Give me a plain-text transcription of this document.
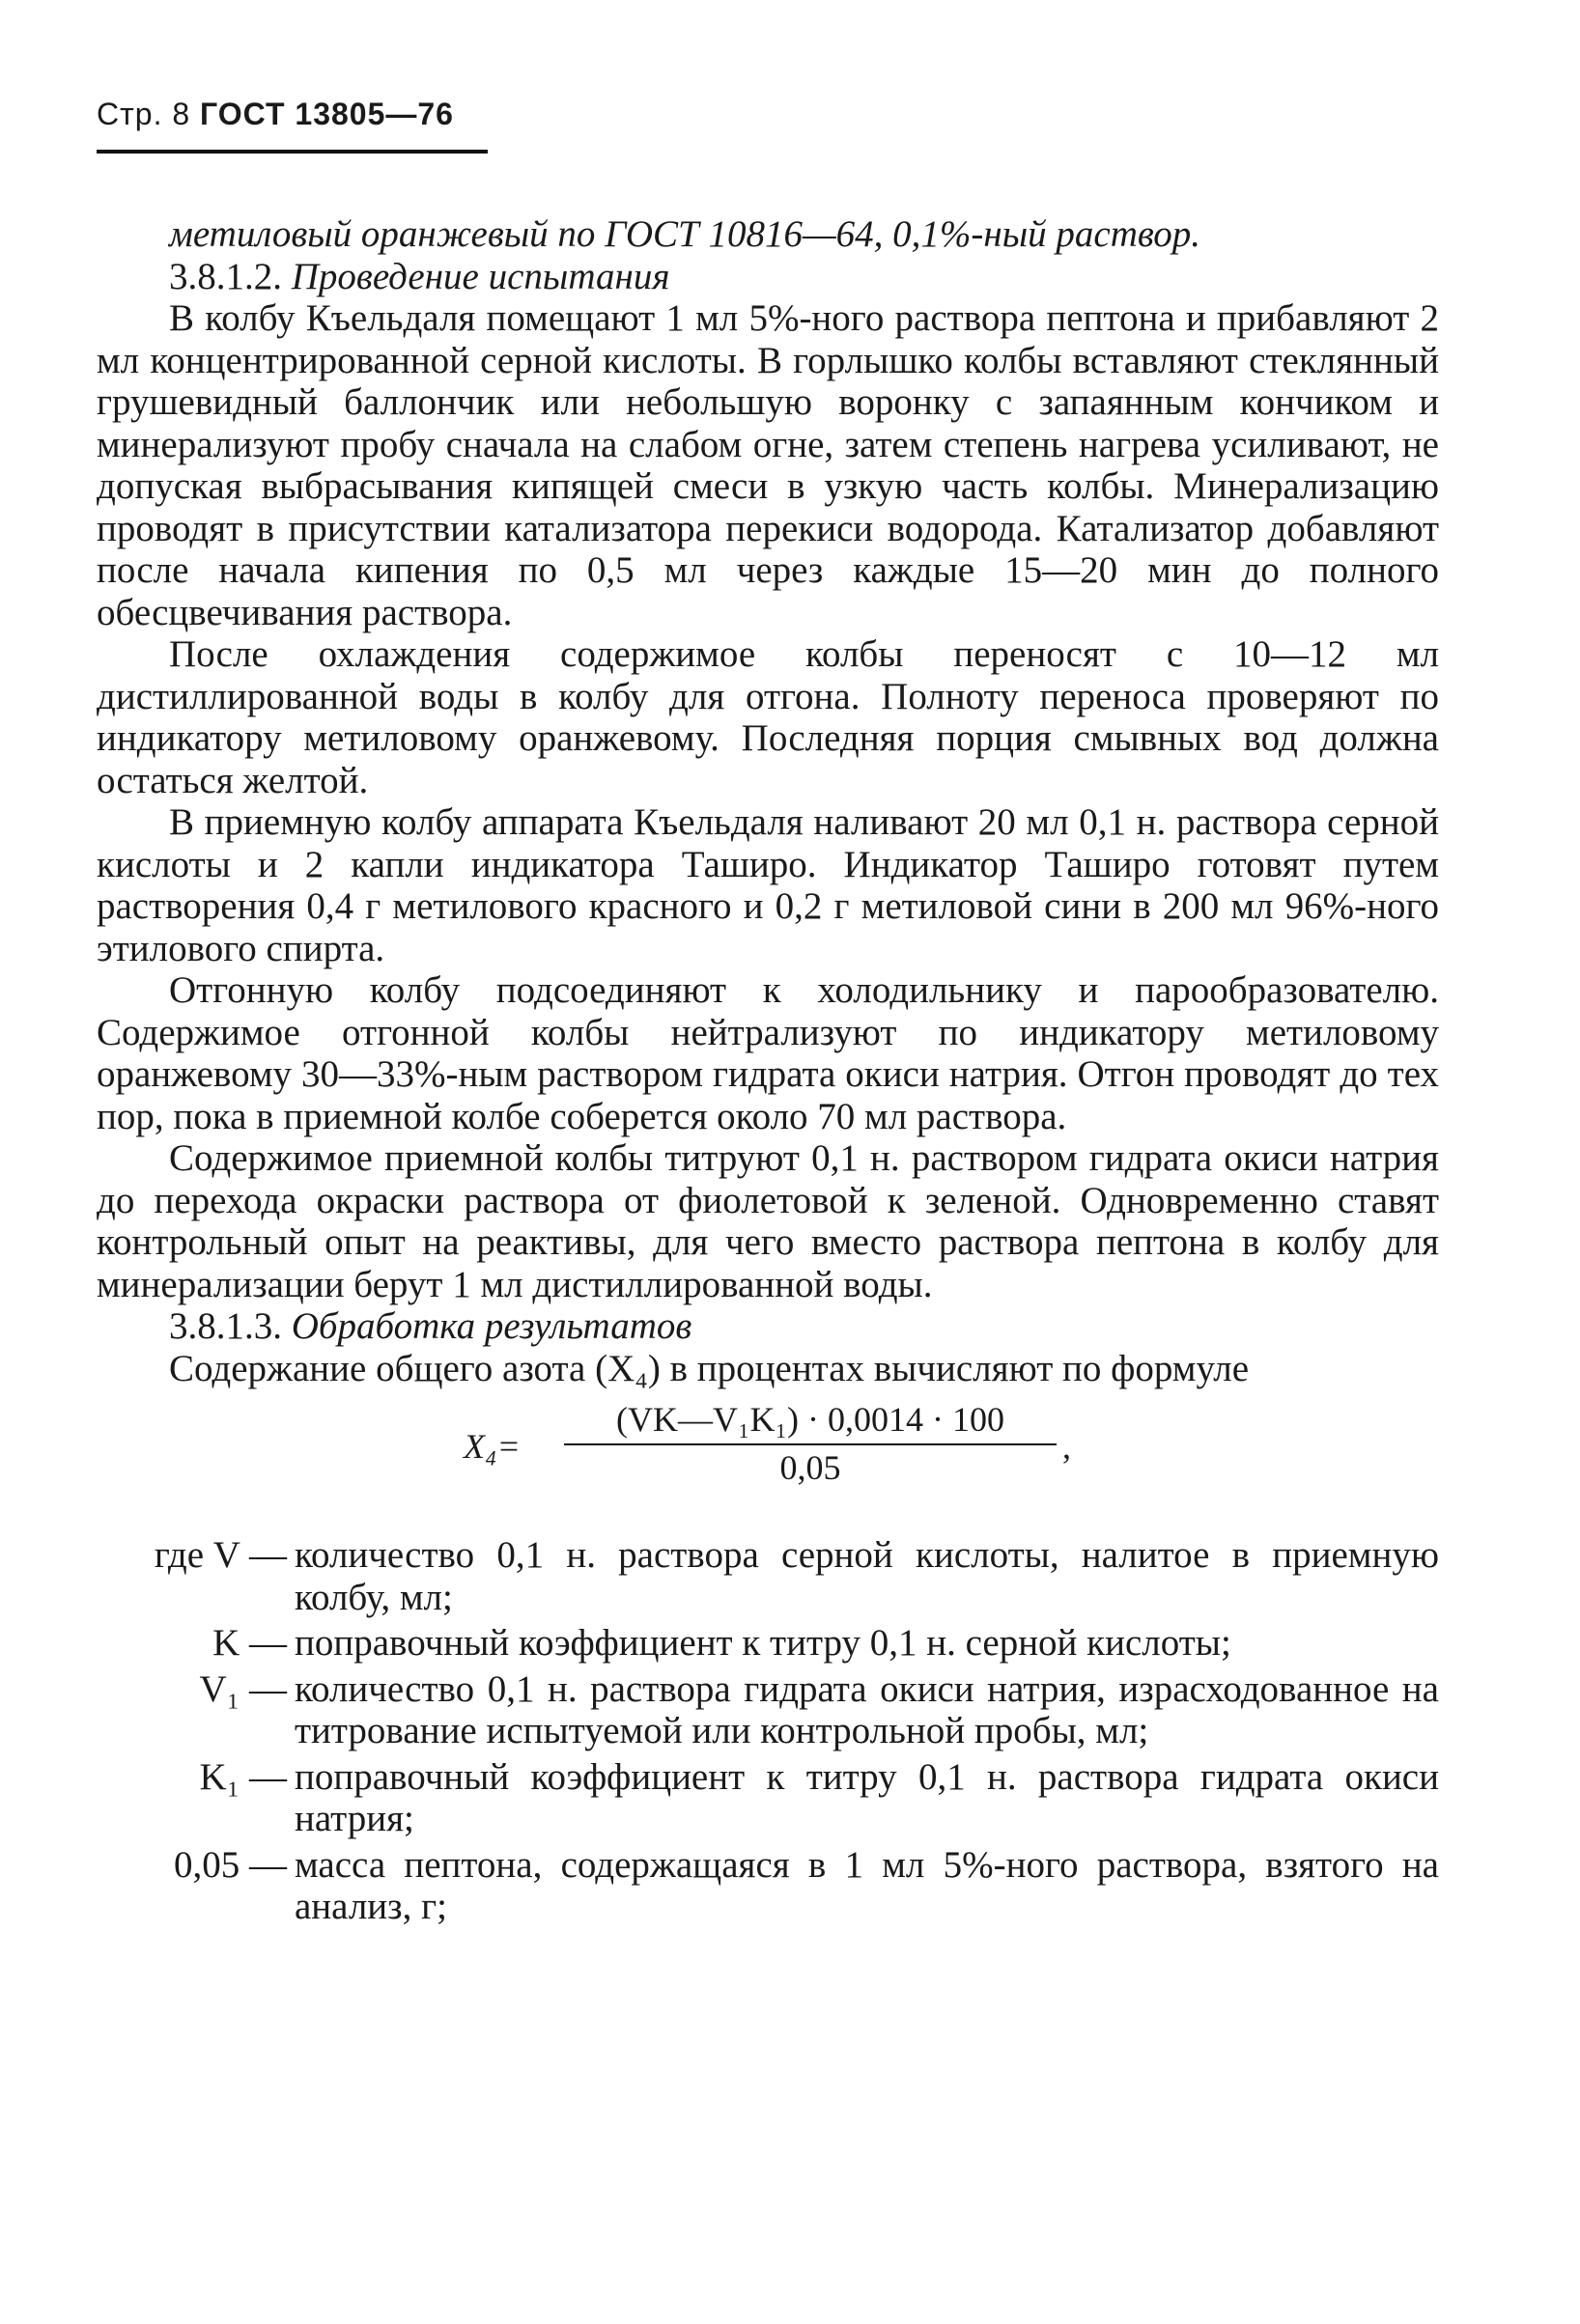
Стр. 8 ГОСТ 13805—76

метиловый оранжевый по ГОСТ 10816—64, 0,1%-ный раствор.

3.8.1.2. Проведение испытания

В колбу Къельдаля помещают 1 мл 5%-ного раствора пептона и прибавляют 2 мл концентрированной серной кислоты. В горлышко колбы вставляют стеклянный грушевидный баллончик или небольшую воронку с запаянным кончиком и минерализуют пробу сначала на слабом огне, затем степень нагрева усиливают, не допуская выбрасывания кипящей смеси в узкую часть колбы. Минерализацию проводят в присутствии катализатора перекиси водорода. Катализатор добавляют после начала кипения по 0,5 мл через каждые 15—20 мин до полного обесцвечивания раствора.

После охлаждения содержимое колбы переносят с 10—12 мл дистиллированной воды в колбу для отгона. Полноту переноса проверяют по индикатору метиловому оранжевому. Последняя порция смывных вод должна остаться желтой.

В приемную колбу аппарата Къельдаля наливают 20 мл 0,1 н. раствора серной кислоты и 2 капли индикатора Таширо. Индикатор Таширо готовят путем растворения 0,4 г метилового красного и 0,2 г метиловой сини в 200 мл 96%-ного этилового спирта.

Отгонную колбу подсоединяют к холодильнику и парообразователю. Содержимое отгонной колбы нейтрализуют по индикатору метиловому оранжевому 30—33%-ным раствором гидрата окиси натрия. Отгон проводят до тех пор, пока в приемной колбе соберется около 70 мл раствора.

Содержимое приемной колбы титруют 0,1 н. раствором гидрата окиси натрия до перехода окраски раствора от фиолетовой к зеленой. Одновременно ставят контрольный опыт на реактивы, для чего вместо раствора пептона в колбу для минерализации берут 1 мл дистиллированной воды.

3.8.1.3. Обработка результатов

Содержание общего азота (X₄) в процентах вычисляют по формуле

$X_4= \frac{\text{(VK—V₁K₁) · 0,0014 · 100}}{0,05}$ ,
где V — количество 0,1 н. раствора серной кислоты, налитое в приемную колбу, мл;
K — поправочный коэффициент к титру 0,1 н. серной кислоты;
V₁ — количество 0,1 н. раствора гидрата окиси натрия, израсходованное на титрование испытуемой или контрольной пробы, мл;
K₁ — поправочный коэффициент к титру 0,1 н. раствора гидрата окиси натрия;
0,05 — масса пептона, содержащаяся в 1 мл 5%-ного раствора, взятого на анализ, г;
